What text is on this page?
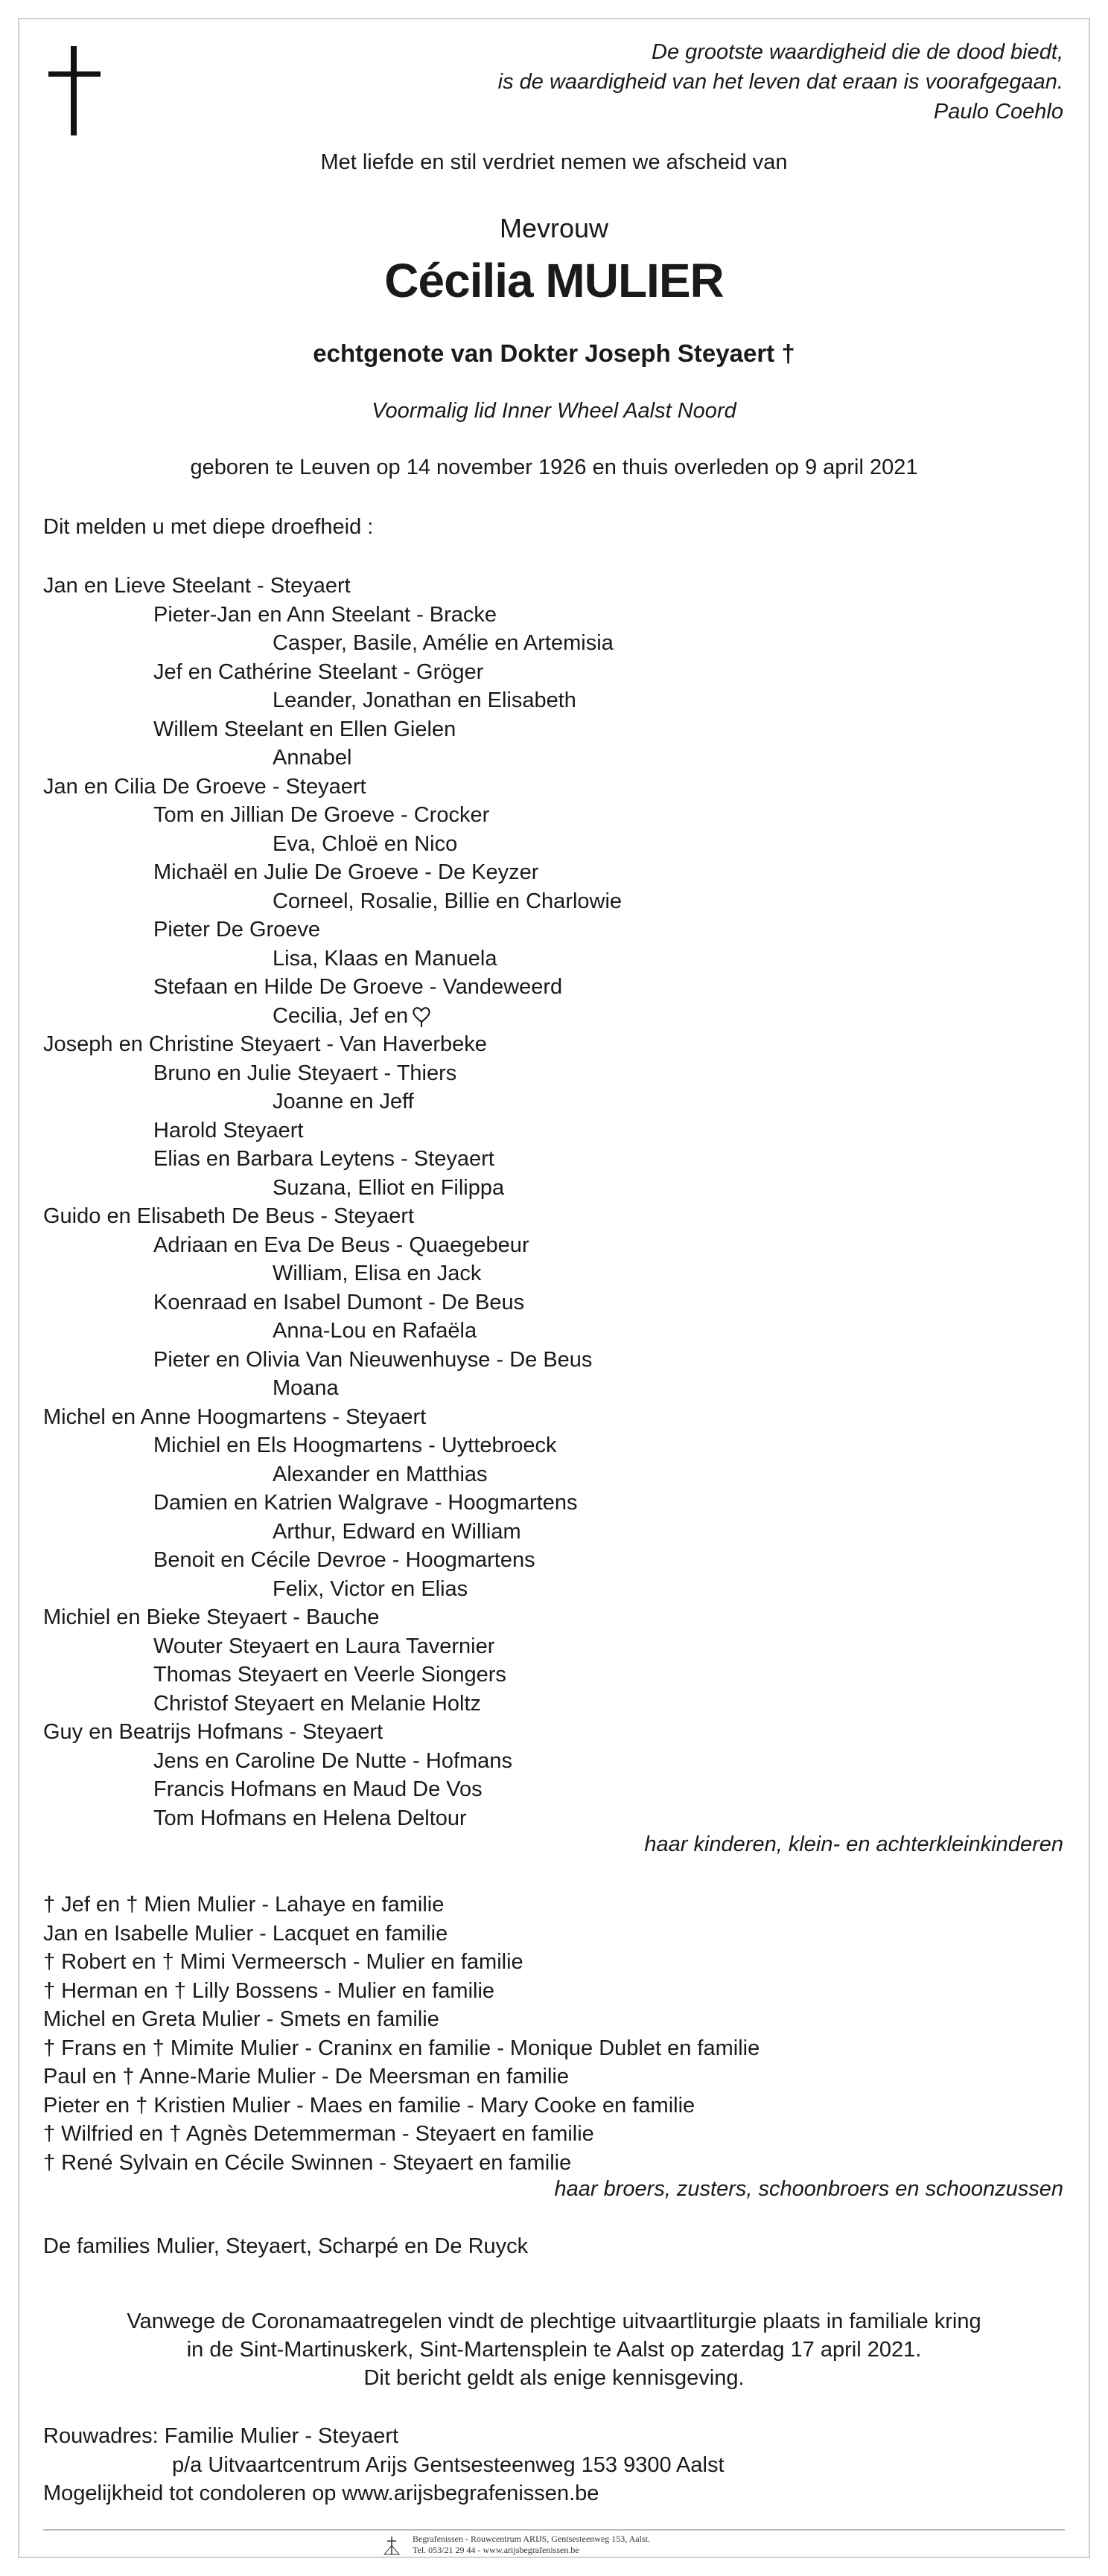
De grootste waardigheid die de dood biedt,
is de waardigheid van het leven dat eraan is voorafgegaan.
Paulo Coehlo
Met liefde en stil verdriet nemen we afscheid van
Mevrouw
Cécilia MULIER
echtgenote van Dokter Joseph Steyaert †
Voormalig lid Inner Wheel Aalst Noord
geboren te Leuven op 14 november 1926 en thuis overleden op 9 april 2021
Dit melden u met diepe droefheid :
Jan en Lieve Steelant - Steyaert
Pieter-Jan en Ann Steelant - Bracke
Casper, Basile, Amélie en Artemisia
Jef en Cathérine Steelant - Gröger
Leander, Jonathan en Elisabeth
Willem Steelant en Ellen Gielen
Annabel
Jan en Cilia De Groeve - Steyaert
Tom en Jillian De Groeve - Crocker
Eva, Chloë en Nico
Michaël en Julie De Groeve - De Keyzer
Corneel, Rosalie, Billie en Charlowie
Pieter De Groeve
Lisa, Klaas en Manuela
Stefaan en Hilde De Groeve - Vandeweerd
Cecilia, Jef en
Joseph en Christine Steyaert - Van Haverbeke
Bruno en Julie Steyaert - Thiers
Joanne en Jeff
Harold Steyaert
Elias en Barbara Leytens - Steyaert
Suzana, Elliot en Filippa
Guido en Elisabeth De Beus - Steyaert
Adriaan en Eva De Beus - Quaegebeur
William, Elisa en Jack
Koenraad en Isabel Dumont - De Beus
Anna-Lou en Rafaëla
Pieter en Olivia Van Nieuwenhuyse - De Beus
Moana
Michel en Anne Hoogmartens - Steyaert
Michiel en Els Hoogmartens - Uyttebroeck
Alexander en Matthias
Damien en Katrien Walgrave - Hoogmartens
Arthur, Edward en William
Benoit en Cécile Devroe - Hoogmartens
Felix, Victor en Elias
Michiel en Bieke Steyaert - Bauche
Wouter Steyaert en Laura Tavernier
Thomas Steyaert en Veerle Siongers
Christof Steyaert en Melanie Holtz
Guy en Beatrijs Hofmans - Steyaert
Jens en Caroline De Nutte - Hofmans
Francis Hofmans en Maud De Vos
Tom Hofmans en Helena Deltour
haar kinderen, klein- en achterkleinkinderen
† Jef en † Mien Mulier - Lahaye en familie
Jan en Isabelle Mulier - Lacquet en familie
† Robert en † Mimi Vermeersch - Mulier en familie
† Herman en † Lilly Bossens - Mulier en familie
Michel en Greta Mulier - Smets en familie
† Frans en † Mimite Mulier - Craninx en familie - Monique Dublet en familie
Paul en † Anne-Marie Mulier - De Meersman en familie
Pieter en † Kristien Mulier - Maes en familie - Mary Cooke en familie
† Wilfried en † Agnès Detemmerman - Steyaert en familie
† René Sylvain en Cécile Swinnen - Steyaert en familie
haar broers, zusters, schoonbroers en schoonzussen
De families Mulier, Steyaert, Scharpé en De Ruyck
Vanwege de Coronamaatregelen vindt de plechtige uitvaartliturgie plaats in familiale kring
in de Sint-Martinuskerk, Sint-Martensplein te Aalst op zaterdag 17 april 2021.
Dit bericht geldt als enige kennisgeving.
Rouwadres: Familie Mulier - Steyaert
p/a Uitvaartcentrum Arijs Gentsesteenweg 153 9300 Aalst
Mogelijkheid tot condoleren op www.arijsbegrafenissen.be
Begrafenissen - Rouwcentrum ARIJS, Gentsesteenweg 153, Aalst.
Tel. 053/21 29 44 - www.arijsbegrafenissen.be
